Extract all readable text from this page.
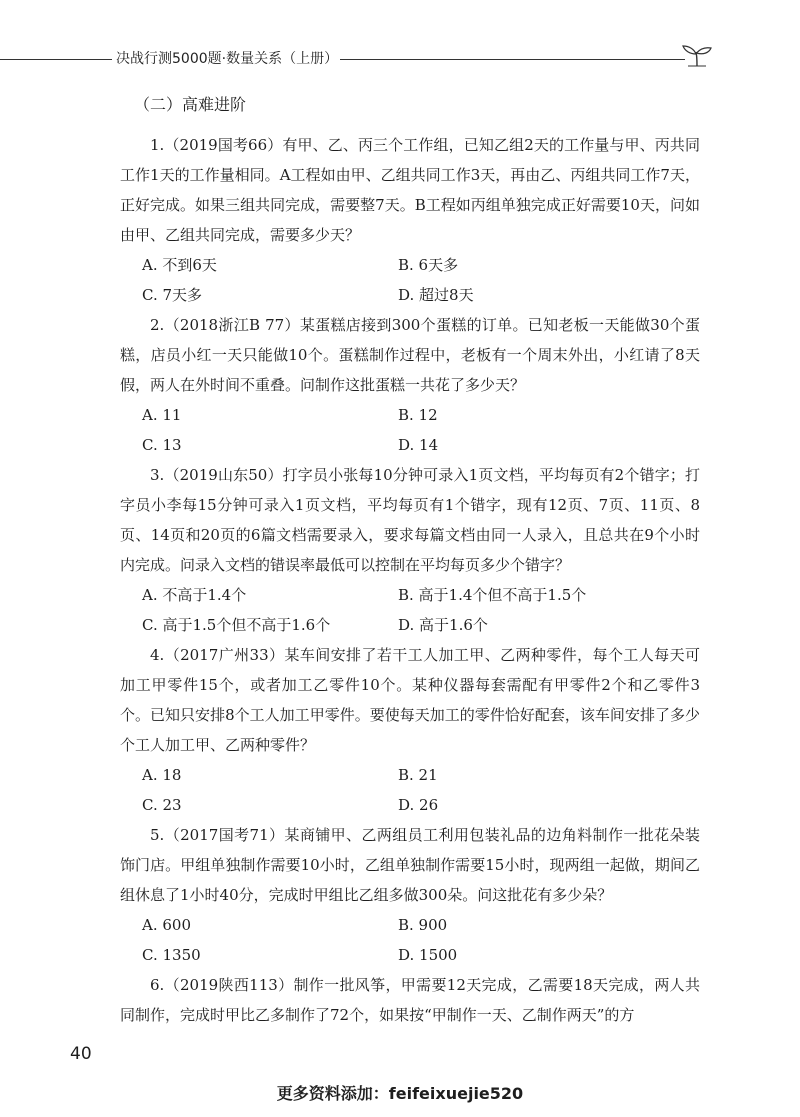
决战行测5000题·数量关系（上册）
（二）高难进阶

1.（2019国考66）有甲、乙、丙三个工作组，已知乙组2天的工作量与甲、丙共同工作1天的工作量相同。A工程如由甲、乙组共同工作3天，再由乙、丙组共同工作7天，正好完成。如果三组共同完成，需要整7天。B工程如丙组单独完成正好需要10天，问如由甲、乙组共同完成，需要多少天？

A. 不到6天	B. 6天多
C. 7天多	D. 超过8天

2.（2018浙江B 77）某蛋糕店接到300个蛋糕的订单。已知老板一天能做30个蛋糕，店员小红一天只能做10个。蛋糕制作过程中，老板有一个周末外出，小红请了8天假，两人在外时间不重叠。问制作这批蛋糕一共花了多少天？

A. 11	B. 12
C. 13	D. 14

3.（2019山东50）打字员小张每10分钟可录入1页文档，平均每页有2个错字；打字员小李每15分钟可录入1页文档，平均每页有1个错字，现有12页、7页、11页、8页、14页和20页的6篇文档需要录入，要求每篇文档由同一人录入，且总共在9个小时内完成。问录入文档的错误率最低可以控制在平均每页多少个错字？

A. 不高于1.4个	B. 高于1.4个但不高于1.5个
C. 高于1.5个但不高于1.6个	D. 高于1.6个

4.（2017广州33）某车间安排了若干工人加工甲、乙两种零件，每个工人每天可加工甲零件15个，或者加工乙零件10个。某种仪器每套需配有甲零件2个和乙零件3个。已知只安排8个工人加工甲零件。要使每天加工的零件恰好配套，该车间安排了多少个工人加工甲、乙两种零件？

A. 18	B. 21
C. 23	D. 26

5.（2017国考71）某商铺甲、乙两组员工利用包装礼品的边角料制作一批花朵装饰门店。甲组单独制作需要10小时，乙组单独制作需要15小时，现两组一起做，期间乙组休息了1小时40分，完成时甲组比乙组多做300朵。问这批花有多少朵？

A. 600	B. 900
C. 1350	D. 1500

6.（2019陕西113）制作一批风筝，甲需要12天完成，乙需要18天完成，两人共同制作，完成时甲比乙多制作了72个，如果按“甲制作一天、乙制作两天”的方

40
更多资料添加：feifeixuejie520
